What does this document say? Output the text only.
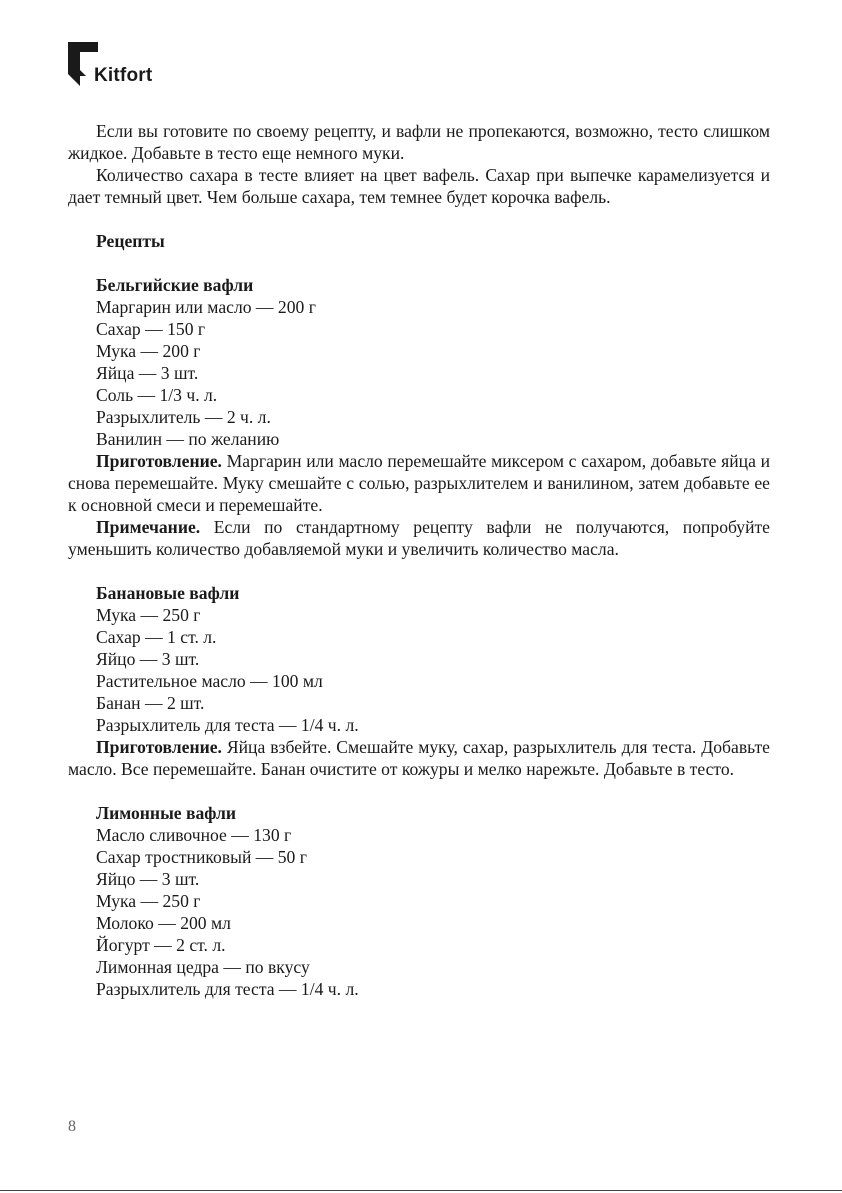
Kitfort

Если вы готовите по своему рецепту, и вафли не пропекаются, возможно, тесто слишком жидкое. Добавьте в тесто еще немного муки.

Количество сахара в тесте влияет на цвет вафель. Сахар при выпечке карамелизуется и дает темный цвет. Чем больше сахара, тем темнее будет корочка вафель.

Рецепты

Бельгийские вафли

Маргарин или масло — 200 г

Сахар — 150 г

Мука — 200 г

Яйца — 3 шт.

Соль — 1/3 ч. л.

Разрыхлитель — 2 ч. л.

Ванилин — по желанию

Приготовление. Маргарин или масло перемешайте миксером с сахаром, добавьте яйца и снова перемешайте. Муку смешайте с солью, разрыхлителем и ванилином, затем добавьте ее к основной смеси и перемешайте.

Примечание. Если по стандартному рецепту вафли не получаются, попробуйте уменьшить количество добавляемой муки и увеличить количество масла.

Банановые вафли

Мука — 250 г

Сахар — 1 ст. л.

Яйцо — 3 шт.

Растительное масло — 100 мл

Банан — 2 шт.

Разрыхлитель для теста — 1/4 ч. л.

Приготовление. Яйца взбейте. Смешайте муку, сахар, разрыхлитель для теста. Добавьте масло. Все перемешайте. Банан очистите от кожуры и мелко нарежьте. Добавьте в тесто.

Лимонные вафли

Масло сливочное — 130 г

Сахар тростниковый — 50 г

Яйцо — 3 шт.

Мука — 250 г

Молоко — 200 мл

Йогурт — 2 ст. л.

Лимонная цедра — по вкусу

Разрыхлитель для теста — 1/4 ч. л.

8
